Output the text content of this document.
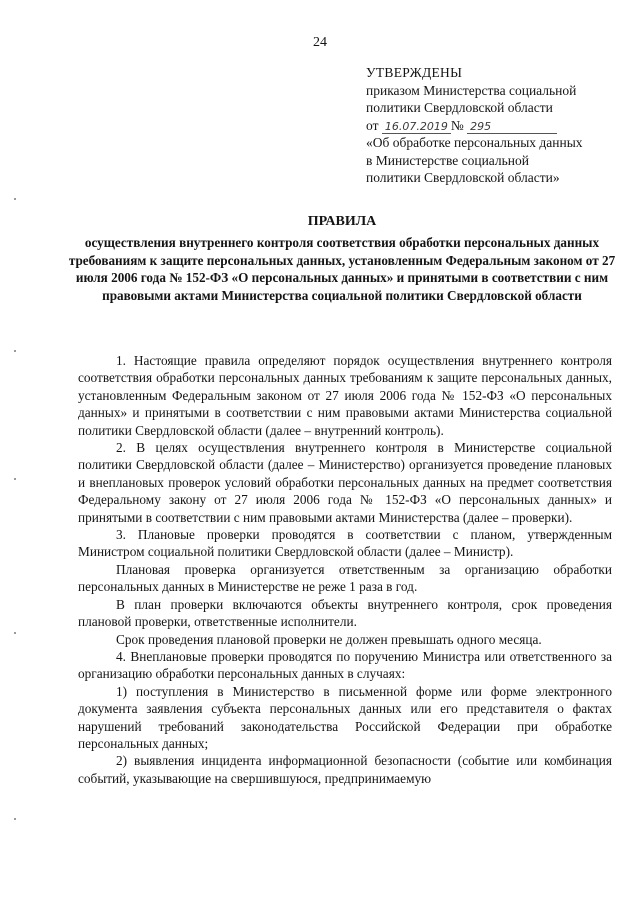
24
УТВЕРЖДЕНЫ
приказом Министерства социальной
политики Свердловской области
от 16.07.2019 № 295
«Об обработке персональных данных
в Министерстве социальной
политики Свердловской области»
ПРАВИЛА
осуществления внутреннего контроля соответствия обработки персональных данных требованиям к защите персональных данных, установленным Федеральным законом от 27 июля 2006 года № 152-ФЗ «О персональных данных» и принятыми в соответствии с ним правовыми актами Министерства социальной политики Свердловской области

1. Настоящие правила определяют порядок осуществления внутреннего контроля соответствия обработки персональных данных требованиям к защите персональных данных, установленным Федеральным законом от 27 июля 2006 года № 152-ФЗ «О персональных данных» и принятыми в соответствии с ним правовыми актами Министерства социальной политики Свердловской области (далее – внутренний контроль).

2. В целях осуществления внутреннего контроля в Министерстве социальной политики Свердловской области (далее – Министерство) организуется проведение плановых и внеплановых проверок условий обработки персональных данных на предмет соответствия Федеральному закону от 27 июля 2006 года № 152-ФЗ «О персональных данных» и принятыми в соответствии с ним правовыми актами Министерства (далее – проверки).

3. Плановые проверки проводятся в соответствии с планом, утвержденным Министром социальной политики Свердловской области (далее – Министр).

Плановая проверка организуется ответственным за организацию обработки персональных данных в Министерстве не реже 1 раза в год.

В план проверки включаются объекты внутреннего контроля, срок проведения плановой проверки, ответственные исполнители.

Срок проведения плановой проверки не должен превышать одного месяца.

4. Внеплановые проверки проводятся по поручению Министра или ответственного за организацию обработки персональных данных в случаях:

1) поступления в Министерство в письменной форме или форме электронного документа заявления субъекта персональных данных или его представителя о фактах нарушений требований законодательства Российской Федерации при обработке персональных данных;

2) выявления инцидента информационной безопасности (событие или комбинация событий, указывающие на свершившуюся, предпринимаемую
